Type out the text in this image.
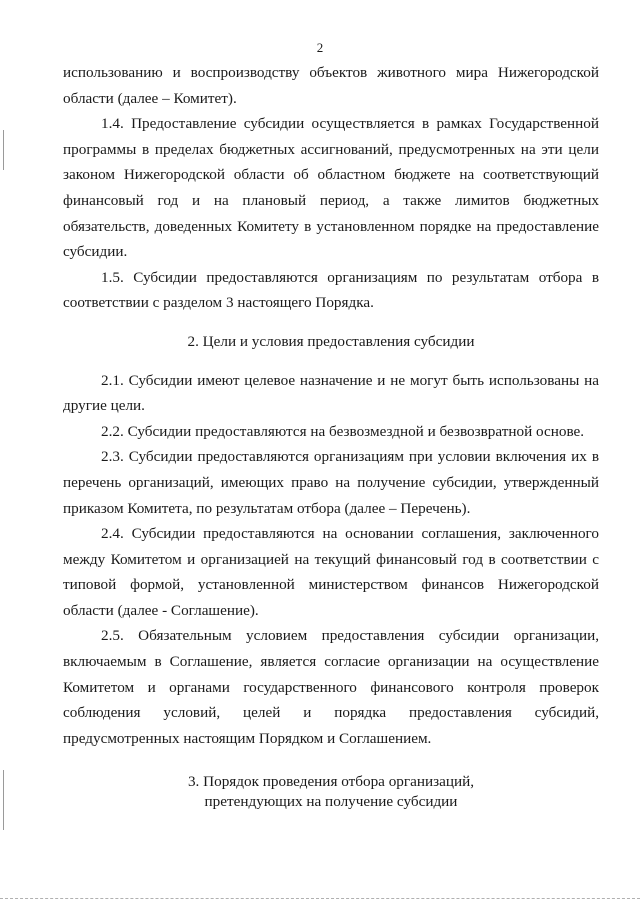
2

использованию и воспроизводству объектов животного мира Нижегородской области (далее – Комитет).

1.4. Предоставление субсидии осуществляется в рамках Государственной программы в пределах бюджетных ассигнований, предусмотренных на эти цели законом Нижегородской области об областном бюджете на соответствующий финансовый год и на плановый период, а также лимитов бюджетных обязательств, доведенных Комитету в установленном порядке на предоставление субсидии.

1.5. Субсидии предоставляются организациям по результатам отбора в соответствии с разделом 3 настоящего Порядка.

2. Цели и условия предоставления субсидии

2.1. Субсидии имеют целевое назначение и не могут быть использованы на другие цели.

2.2. Субсидии предоставляются на безвозмездной и безвозвратной основе.

2.3. Субсидии предоставляются организациям при условии включения их в перечень организаций, имеющих право на получение субсидии, утвержденный приказом Комитета, по результатам отбора (далее – Перечень).

2.4. Субсидии предоставляются на основании соглашения, заключенного между Комитетом и организацией на текущий финансовый год в соответствии с типовой формой, установленной министерством финансов Нижегородской области (далее - Соглашение).

2.5. Обязательным условием предоставления субсидии организации, включаемым в Соглашение, является согласие организации на осуществление Комитетом и органами государственного финансового контроля проверок соблюдения условий, целей и порядка предоставления субсидий, предусмотренных настоящим Порядком и Соглашением.

3. Порядок проведения отбора организаций,

претендующих на получение субсидии
